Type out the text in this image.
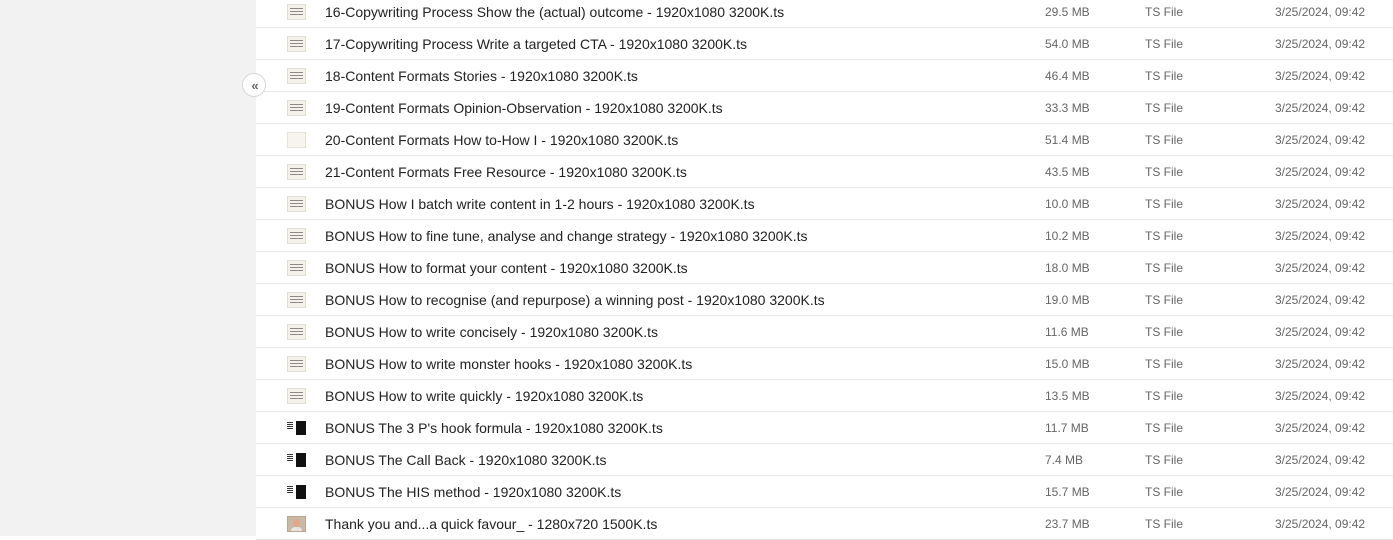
«
16-Copywriting Process Show the (actual) outcome - 1920x1080 3200K.ts	29.5 MB	TS File	3/25/2024, 09:42
17-Copywriting Process Write a targeted CTA - 1920x1080 3200K.ts	54.0 MB	TS File	3/25/2024, 09:42
18-Content Formats Stories - 1920x1080 3200K.ts	46.4 MB	TS File	3/25/2024, 09:42
19-Content Formats Opinion-Observation - 1920x1080 3200K.ts	33.3 MB	TS File	3/25/2024, 09:42
20-Content Formats How to-How I - 1920x1080 3200K.ts	51.4 MB	TS File	3/25/2024, 09:42
21-Content Formats Free Resource - 1920x1080 3200K.ts	43.5 MB	TS File	3/25/2024, 09:42
BONUS How I batch write content in 1-2 hours - 1920x1080 3200K.ts	10.0 MB	TS File	3/25/2024, 09:42
BONUS How to fine tune, analyse and change strategy - 1920x1080 3200K.ts	10.2 MB	TS File	3/25/2024, 09:42
BONUS How to format your content - 1920x1080 3200K.ts	18.0 MB	TS File	3/25/2024, 09:42
BONUS How to recognise (and repurpose) a winning post - 1920x1080 3200K.ts	19.0 MB	TS File	3/25/2024, 09:42
BONUS How to write concisely - 1920x1080 3200K.ts	11.6 MB	TS File	3/25/2024, 09:42
BONUS How to write monster hooks - 1920x1080 3200K.ts	15.0 MB	TS File	3/25/2024, 09:42
BONUS How to write quickly - 1920x1080 3200K.ts	13.5 MB	TS File	3/25/2024, 09:42
BONUS The 3 P's hook formula - 1920x1080 3200K.ts	11.7 MB	TS File	3/25/2024, 09:42
BONUS The Call Back - 1920x1080 3200K.ts	7.4 MB	TS File	3/25/2024, 09:42
BONUS The HIS method - 1920x1080 3200K.ts	15.7 MB	TS File	3/25/2024, 09:42
Thank you and...a quick favour_ - 1280x720 1500K.ts	23.7 MB	TS File	3/25/2024, 09:42
